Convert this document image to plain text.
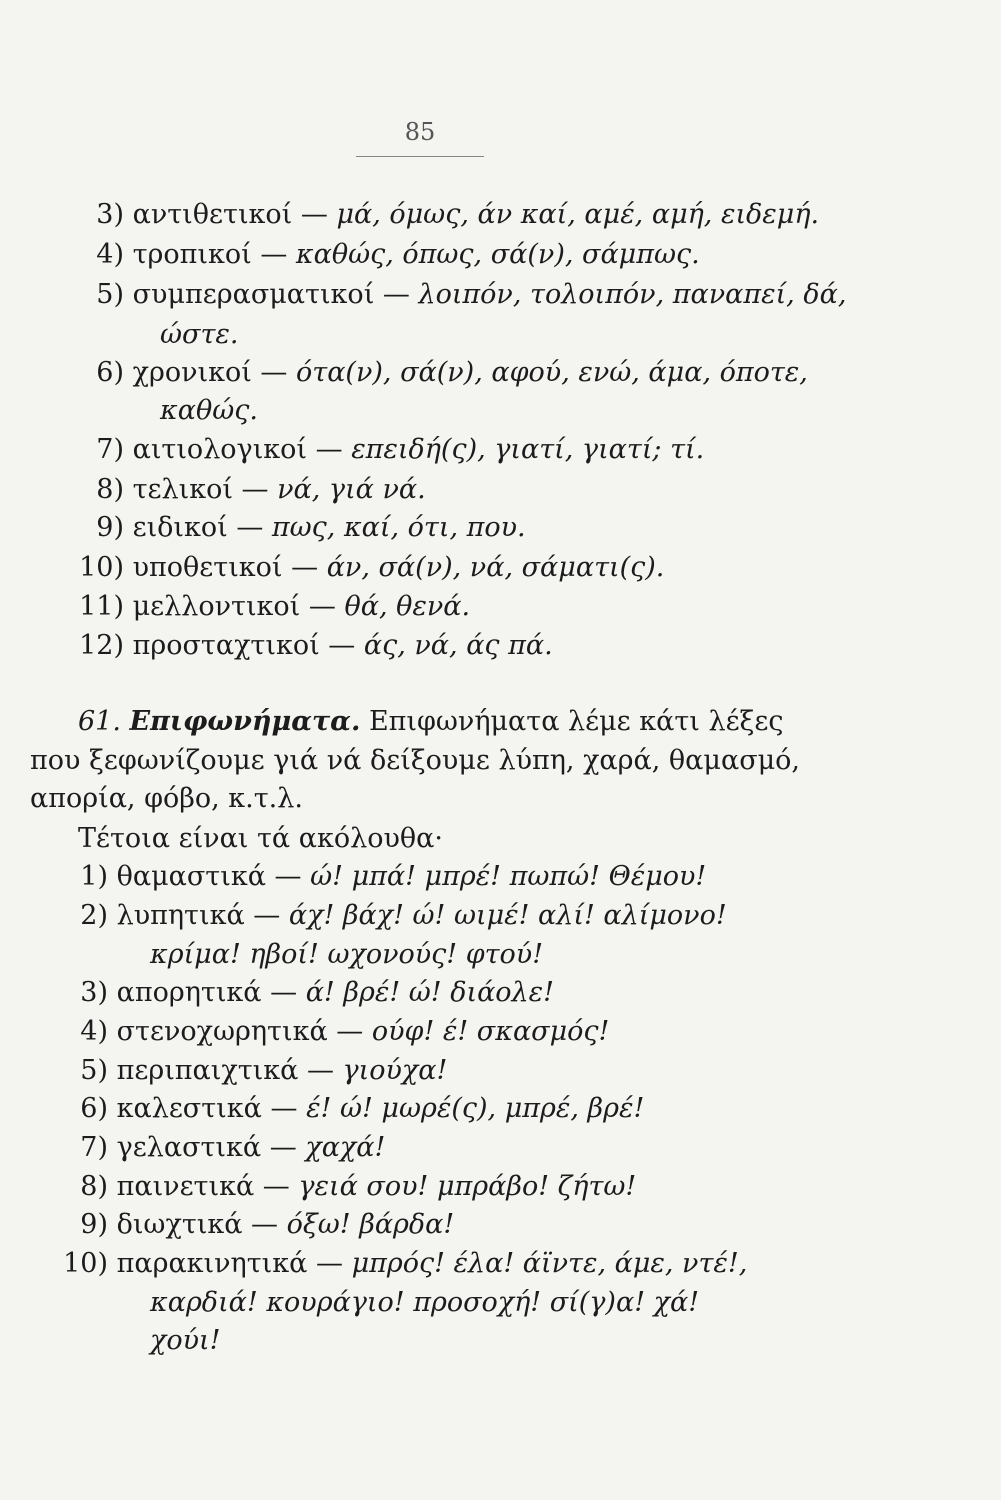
85
3) αντιθετικοί — μά, όμως, άν καί, αμέ, αμή, ειδεμή.
4) τροπικοί — καθώς, όπως, σά(ν), σάμπως.
5) συμπερασματικοί — λοιπόν, τολοιπόν, παναπεί, δά,
ώστε.
6) χρονικοί — ότα(ν), σά(ν), αφού, ενώ, άμα, όποτε,
καθώς.
7) αιτιολογικοί — επειδή(ς), γιατί, γιατί; τί.
8) τελικοί — νά, γιά νά.
9) ειδικοί — πως, καί, ότι, που.
10) υποθετικοί — άν, σά(ν), νά, σάματι(ς).
11) μελλοντικοί — θά, θενά.
12) προσταχτικοί — άς, νά, άς πά.
61. Επιφωνήματα. Επιφωνήματα λέμε κάτι λέξες
που ξεφωνίζουμε γιά νά δείξουμε λύπη, χαρά, θαμασμό,
απορία, φόβο, κ.τ.λ.
Τέτοια είναι τά ακόλουθα·
1) θαμαστικά — ώ! μπά! μπρέ! πωπώ! Θέμου!
2) λυπητικά — άχ! βάχ! ώ! ωιμέ! αλί! αλίμονο!
κρίμα! ηβοί! ωχονούς! φτού!
3) απορητικά — ά! βρέ! ώ! διάολε!
4) στενοχωρητικά — ούφ! έ! σκασμός!
5) περιπαιχτικά — γιούχα!
6) καλεστικά — έ! ώ! μωρέ(ς), μπρέ, βρέ!
7) γελαστικά — χαχά!
8) παινετικά — γειά σου! μπράβο! ζήτω!
9) διωχτικά — όξω! βάρδα!
10) παρακινητικά — μπρός! έλα! άϊντε, άμε, ντέ!,
καρδιά! κουράγιο! προσοχή! σί(γ)α! χά!
χούι!
